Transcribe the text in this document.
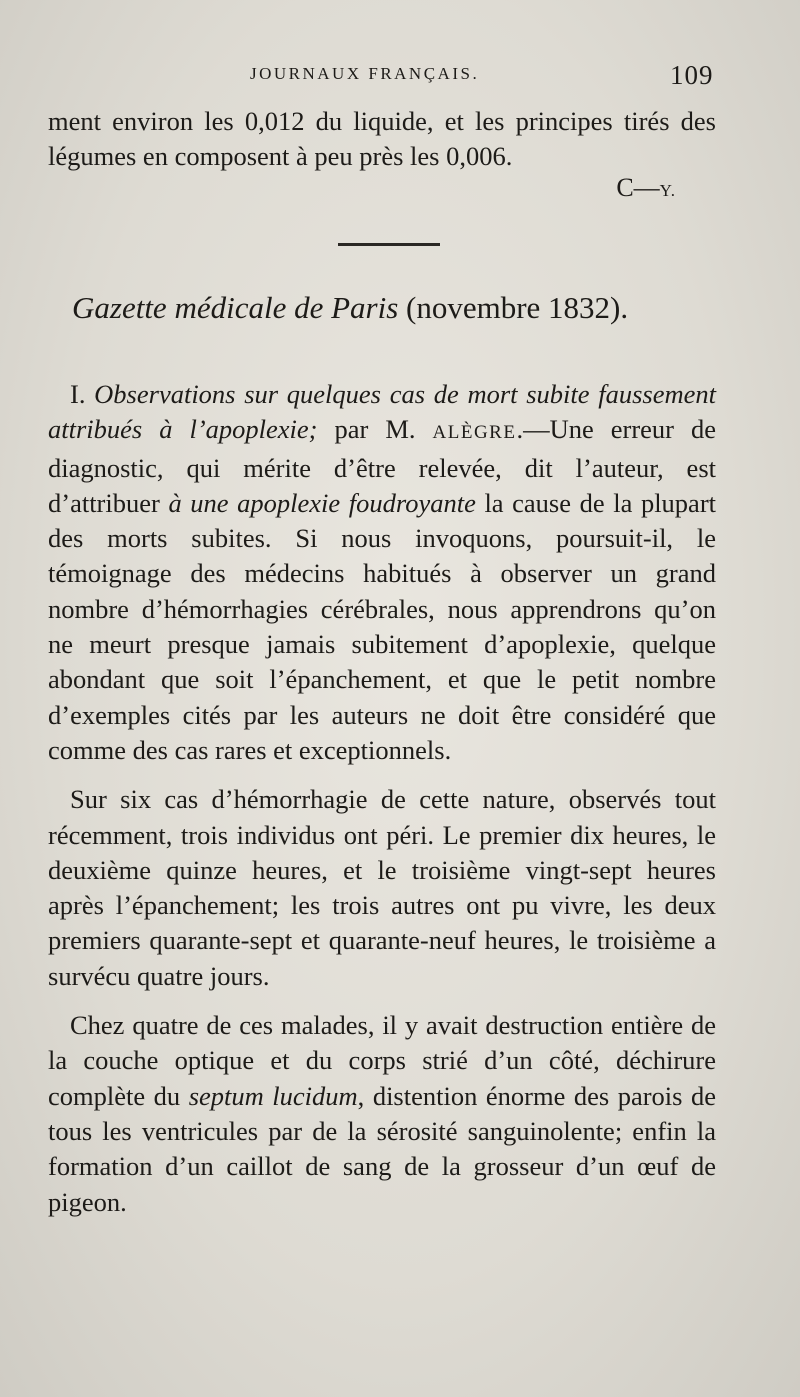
JOURNAUX FRANÇAIS.	109
ment environ les 0,012 du liquide, et les principes tirés des légumes en composent à peu près les 0,006.
C—Y.
Gazette médicale de Paris (novembre 1832).

I. Observations sur quelques cas de mort subite faussement attribués à l’apoplexie; par M. ALÈGRE.—Une erreur de diagnostic, qui mérite d’être relevée, dit l’auteur, est d’attribuer à une apoplexie foudroyante la cause de la plupart des morts subites. Si nous invoquons, poursuit-il, le témoignage des médecins habitués à observer un grand nombre d’hémorrhagies cérébrales, nous apprendrons qu’on ne meurt presque jamais subitement d’apoplexie, quelque abondant que soit l’épanchement, et que le petit nombre d’exemples cités par les auteurs ne doit être considéré que comme des cas rares et exceptionnels.

Sur six cas d’hémorrhagie de cette nature, observés tout récemment, trois individus ont péri. Le premier dix heures, le deuxième quinze heures, et le troisième vingt-sept heures après l’épanchement; les trois autres ont pu vivre, les deux premiers quarante-sept et quarante-neuf heures, le troisième a survécu quatre jours.

Chez quatre de ces malades, il y avait destruction entière de la couche optique et du corps strié d’un côté, déchirure complète du septum lucidum, distention énorme des parois de tous les ventricules par de la sérosité sanguinolente; enfin la formation d’un caillot de sang de la grosseur d’un œuf de pigeon.
